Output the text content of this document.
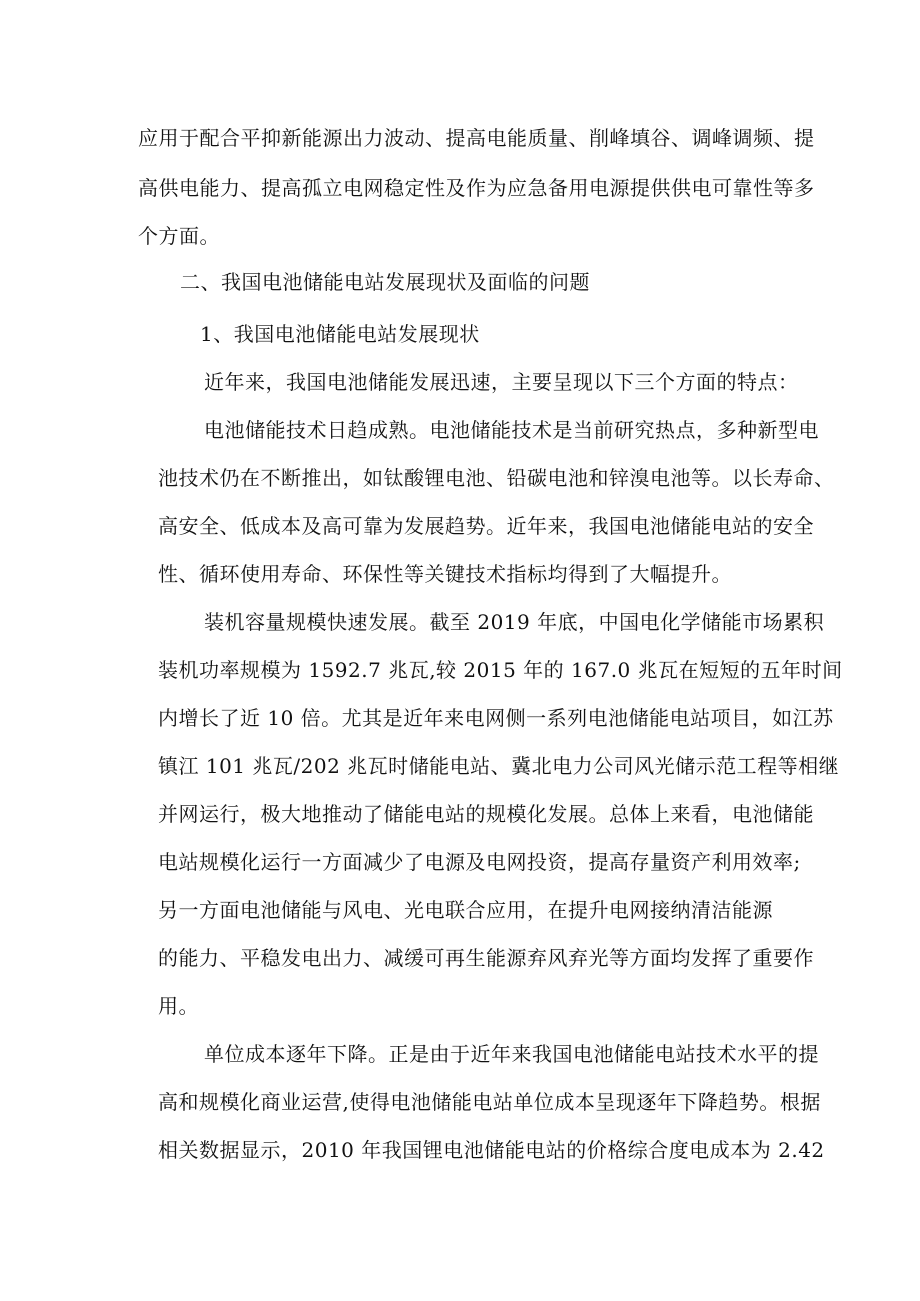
应用于配合平抑新能源出力波动、提高电能质量、削峰填谷、调峰调频、提
高供电能力、提高孤立电网稳定性及作为应急备用电源提供供电可靠性等多
个方面。
二、我国电池储能电站发展现状及面临的问题
1、我国电池储能电站发展现状
近年来，我国电池储能发展迅速，主要呈现以下三个方面的特点：
电池储能技术日趋成熟。电池储能技术是当前研究热点，多种新型电
池技术仍在不断推出，如钛酸锂电池、铅碳电池和锌溴电池等。以长寿命、
高安全、低成本及高可靠为发展趋势。近年来，我国电池储能电站的安全
性、循环使用寿命、环保性等关键技术指标均得到了大幅提升。
装机容量规模快速发展。截至 2019 年底，中国电化学储能市场累积
装机功率规模为 1592.7 兆瓦,较 2015 年的 167.0 兆瓦在短短的五年时间
内增长了近 10 倍。尤其是近年来电网侧一系列电池储能电站项目，如江苏
镇江 101 兆瓦/202 兆瓦时储能电站、冀北电力公司风光储示范工程等相继
并网运行，极大地推动了储能电站的规模化发展。总体上来看，电池储能
电站规模化运行一方面减少了电源及电网投资，提高存量资产利用效率;
另一方面电池储能与风电、光电联合应用，在提升电网接纳清洁能源
的能力、平稳发电出力、减缓可再生能源弃风弃光等方面均发挥了重要作
用。
单位成本逐年下降。正是由于近年来我国电池储能电站技术水平的提
高和规模化商业运营,使得电池储能电站单位成本呈现逐年下降趋势。根据
相关数据显示，2010 年我国锂电池储能电站的价格综合度电成本为 2.42
